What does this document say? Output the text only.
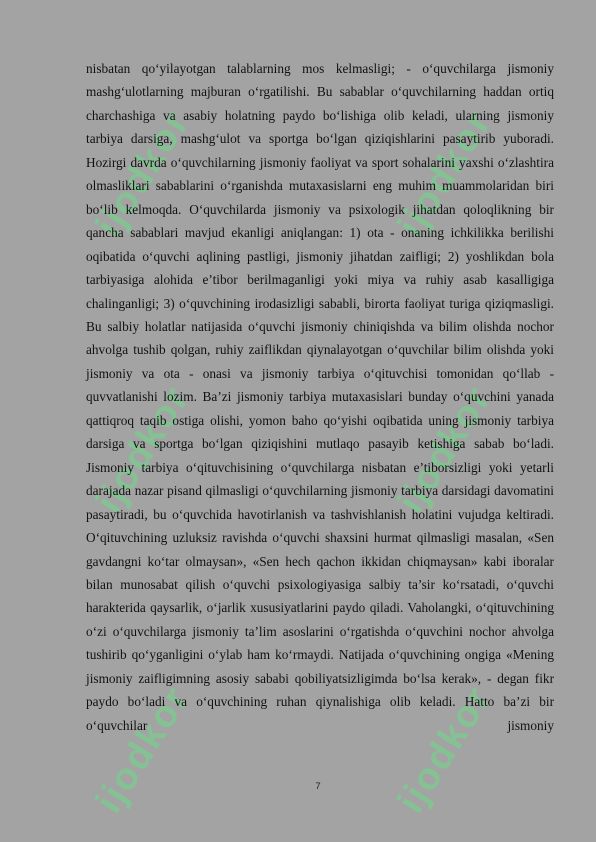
ijodkor	ijodkor
ijodkor	ijodkor
ijodkor	ijodkor

nisbatan qo‘yilayotgan talablarning mos kelmasligi; - o‘quvchilarga jismoniy mashg‘ulotlarning majburan o‘rgatilishi. Bu sabablar o‘quvchilarning haddan ortiq charchashiga va asabiy holatning paydo bo‘lishiga olib keladi, ularning jismoniy tarbiya darsiga, mashg‘ulot va sportga bo‘lgan qiziqishlarini pasaytirib yuboradi. Hozirgi davrda o‘quvchilarning jismoniy faoliyat va sport sohalarini yaxshi o‘zlashtira olmasliklari sabablarini o‘rganishda mutaxasislarni eng muhim muammolaridan biri bo‘lib kelmoqda. O‘quvchilarda jismoniy va psixologik jihatdan qoloqlikning bir qancha sabablari mavjud ekanligi aniqlangan: 1) ota - onaning ichkilikka berilishi oqibatida o‘quvchi aqlining pastligi, jismoniy jihatdan zaifligi; 2) yoshlikdan bola tarbiyasiga alohida e’tibor berilmaganligi yoki miya va ruhiy asab kasalligiga chalinganligi; 3) o‘quvchining irodasizligi sababli, birorta faoliyat turiga qiziqmasligi. Bu salbiy holatlar natijasida o‘quvchi jismoniy chiniqishda va bilim olishda nochor ahvolga tushib qolgan, ruhiy zaiflikdan qiynalayotgan o‘quvchilar bilim olishda yoki jismoniy va ota - onasi va jismoniy tarbiya o‘qituvchisi tomonidan qo‘llab - quvvatlanishi lozim. Ba’zi jismoniy tarbiya mutaxasislari bunday o‘quvchini yanada qattiqroq taqib ostiga olishi, yomon baho qo‘yishi oqibatida uning jismoniy tarbiya darsiga va sportga bo‘lgan qiziqishini mutlaqo pasayib ketishiga sabab bo‘ladi. Jismoniy tarbiya o‘qituvchisining o‘quvchilarga nisbatan e’tiborsizligi yoki yetarli darajada nazar pisand qilmasligi o‘quvchilarning jismoniy tarbiya darsidagi davomatini pasaytiradi, bu o‘quvchida havotirlanish va tashvishlanish holatini vujudga keltiradi. O‘qituvchining uzluksiz ravishda o‘quvchi shaxsini hurmat qilmasligi masalan, «Sen gavdangni ko‘tar olmaysan», «Sen hech qachon ikkidan chiqmaysan» kabi iboralar bilan munosabat qilish o‘quvchi psixologiyasiga salbiy ta’sir ko‘rsatadi, o‘quvchi harakterida qaysarlik, o‘jarlik xususiyatlarini paydo qiladi. Vaholangki, o‘qituvchining o‘zi o‘quvchilarga jismoniy ta’lim asoslarini o‘rgatishda o‘quvchini nochor ahvolga tushirib qo‘yganligini o‘ylab ham ko‘rmaydi. Natijada o‘quvchining ongiga «Mening jismoniy zaifligimning asosiy sababi qobiliyatsizligimda bo‘lsa kerak», - degan fikr paydo bo‘ladi va o‘quvchining ruhan qiynalishiga olib keladi. Hatto ba’zi bir o‘quvchilar jismoniy

7
